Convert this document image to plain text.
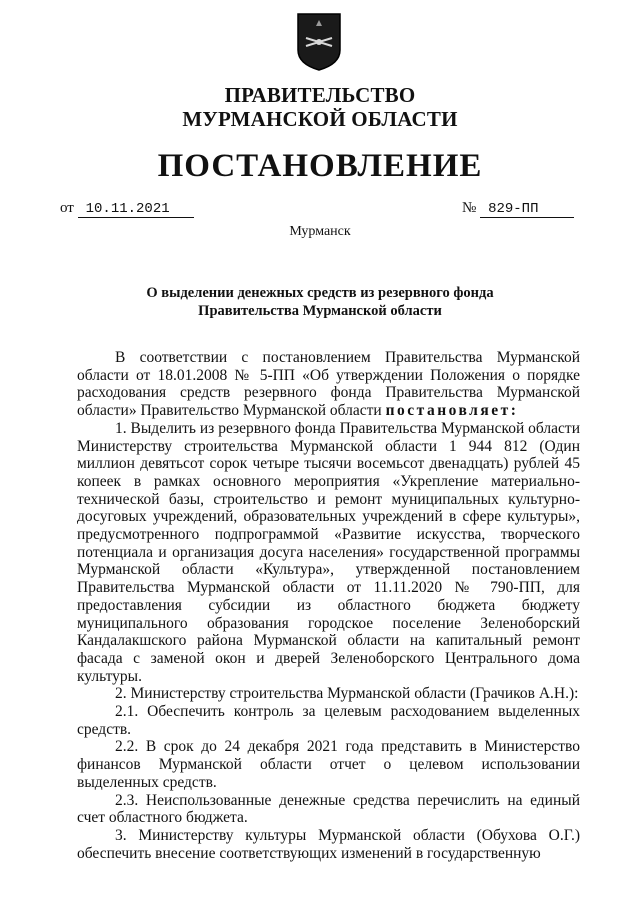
ПРАВИТЕЛЬСТВО
МУРМАНСКОЙ ОБЛАСТИ
ПОСТАНОВЛЕНИЕ
от 10.11.2021	№ 829-ПП
Мурманск
О выделении денежных средств из резервного фонда
Правительства Мурманской области

В соответствии с постановлением Правительства Мурманской области от 18.01.2008 № 5-ПП «Об утверждении Положения о порядке расходования средств резервного фонда Правительства Мурманской области» Правительство Мурманской области постановляет:

1. Выделить из резервного фонда Правительства Мурманской области Министерству строительства Мурманской области 1 944 812 (Один миллион девятьсот сорок четыре тысячи восемьсот двенадцать) рублей 45 копеек в рамках основного мероприятия «Укрепление материально-технической базы, строительство и ремонт муниципальных культурно-досуговых учреждений, образовательных учреждений в сфере культуры», предусмотренного подпрограммой «Развитие искусства, творческого потенциала и организация досуга населения» государственной программы Мурманской области «Культура», утвержденной постановлением Правительства Мурманской области от 11.11.2020 № 790-ПП, для предоставления субсидии из областного бюджета бюджету муниципального образования городское поселение Зеленоборский Кандалакшского района Мурманской области на капитальный ремонт фасада с заменой окон и дверей Зеленоборского Центрального дома культуры.

2. Министерству строительства Мурманской области (Грачиков А.Н.):

2.1. Обеспечить контроль за целевым расходованием выделенных средств.

2.2. В срок до 24 декабря 2021 года представить в Министерство финансов Мурманской области отчет о целевом использовании выделенных средств.

2.3. Неиспользованные денежные средства перечислить на единый счет областного бюджета.

3. Министерству культуры Мурманской области (Обухова О.Г.) обеспечить внесение соответствующих изменений в государственную
